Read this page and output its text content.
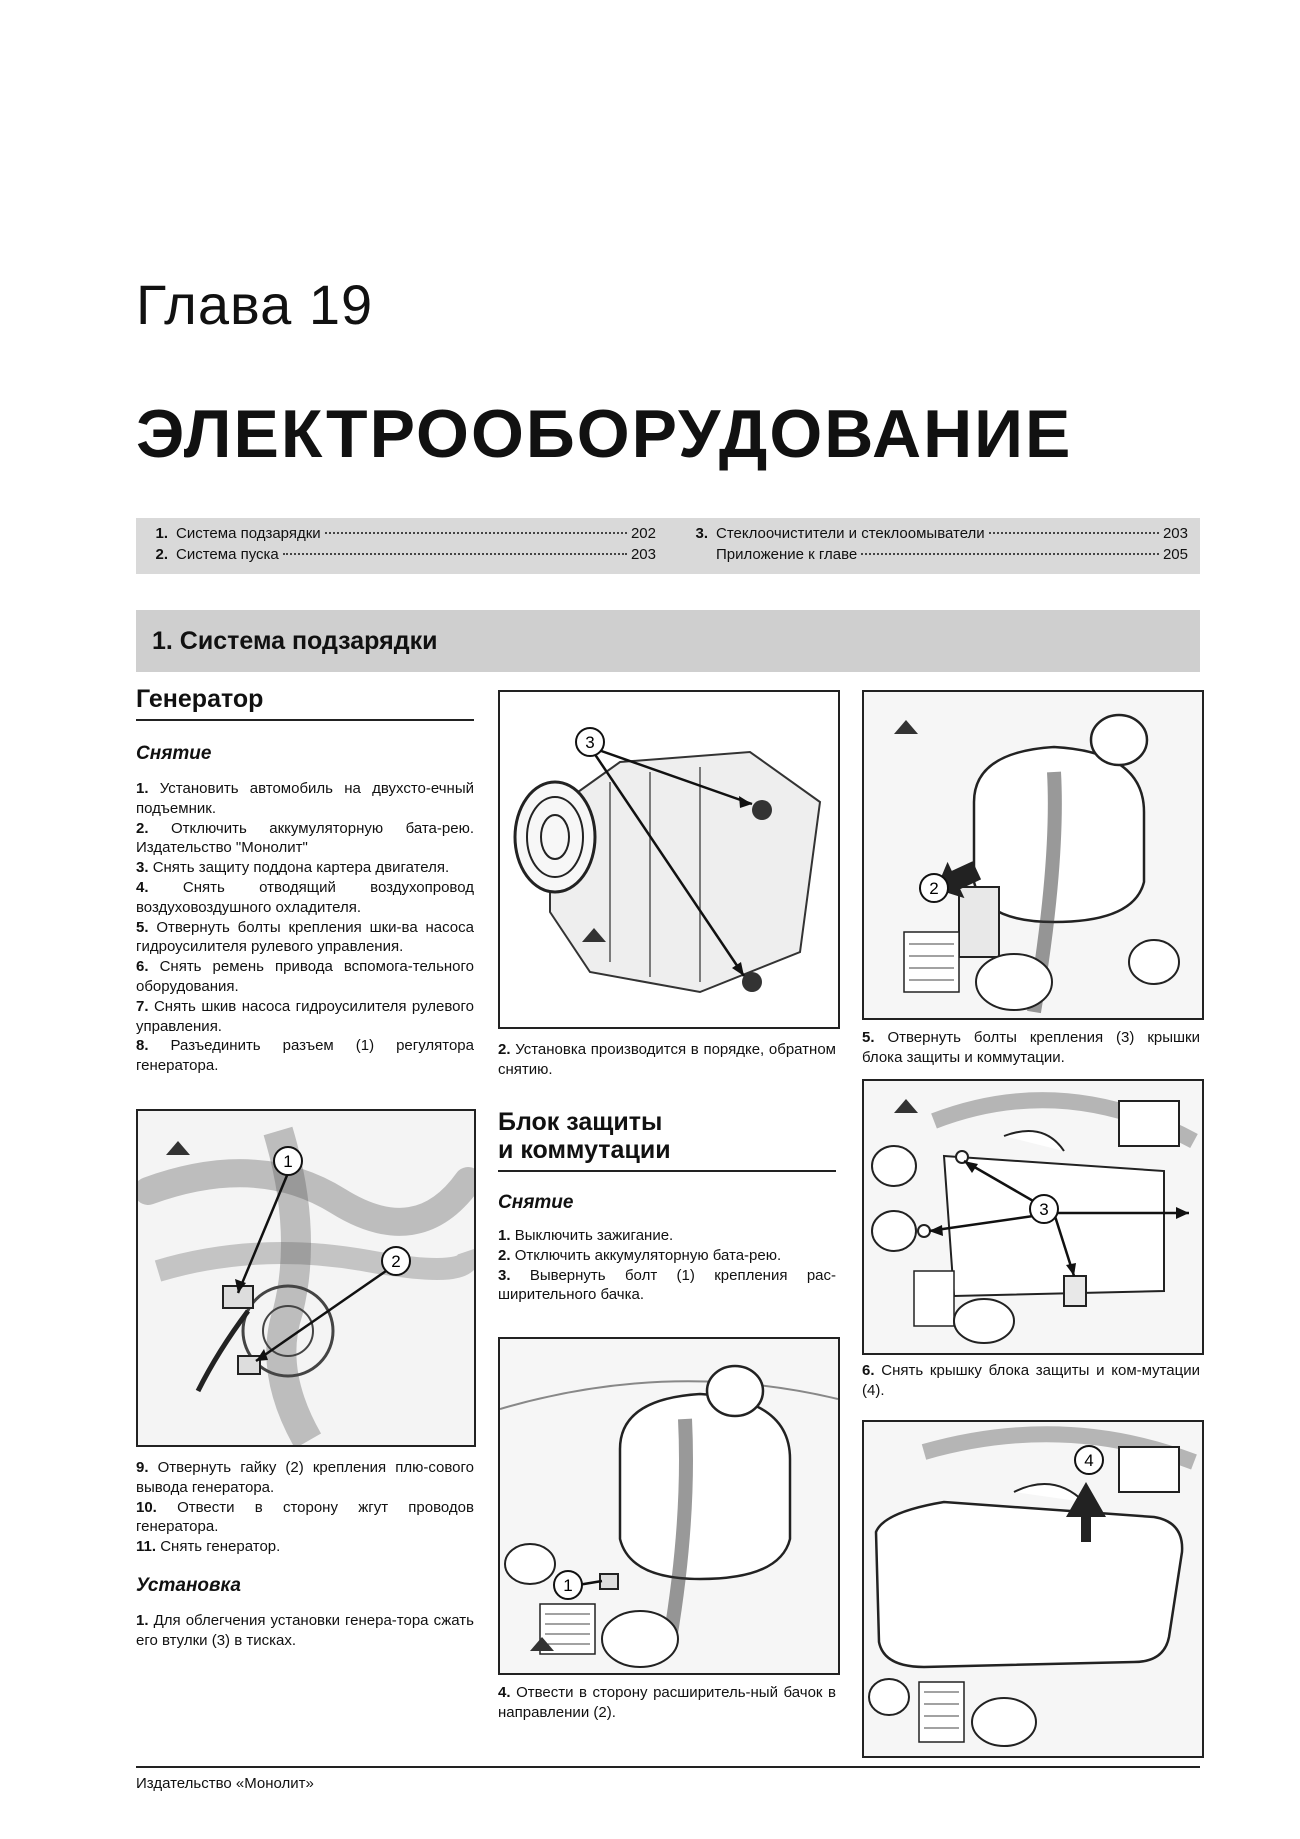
Глава 19
ЭЛЕКТРООБОРУДОВАНИЕ
1. Система подзарядки	202
2. Система пуска	203
3. Стеклоочистители и стеклоомыватели	203
Приложение к главе	205
1. Система подзарядки
Генератор
Снятие
1. Установить автомобиль на двухсто-ечный подъемник.
2. Отключить аккумуляторную бата-рею. Издательство "Монолит"
3. Снять защиту поддона картера двигателя.
4. Снять отводящий воздухопровод воздуховоздушного охладителя.
5. Отвернуть болты крепления шки-ва насоса гидроусилителя рулевого управления.
6. Снять ремень привода вспомога-тельного оборудования.
7. Снять шкив насоса гидроусилителя рулевого управления.
8. Разъединить разъем (1) регулятора генератора.
1
2
9. Отвернуть гайку (2) крепления плю-сового вывода генератора.
10. Отвести в сторону жгут проводов генератора.
11. Снять генератор.
Установка
1. Для облегчения установки генера-тора сжать его втулки (3) в тисках.
3
2. Установка производится в порядке, обратном снятию.
Блок защиты
и коммутации
Снятие
1. Выключить зажигание.
2. Отключить аккумуляторную бата-рею.
3. Вывернуть болт (1) крепления рас-ширительного бачка.
1
4. Отвести в сторону расширитель-ный бачок в направлении (2).
2
5. Отвернуть болты крепления (3) крышки блока защиты и коммутации.
3
6. Снять крышку блока защиты и ком-мутации (4).
4
Издательство «Монолит»
